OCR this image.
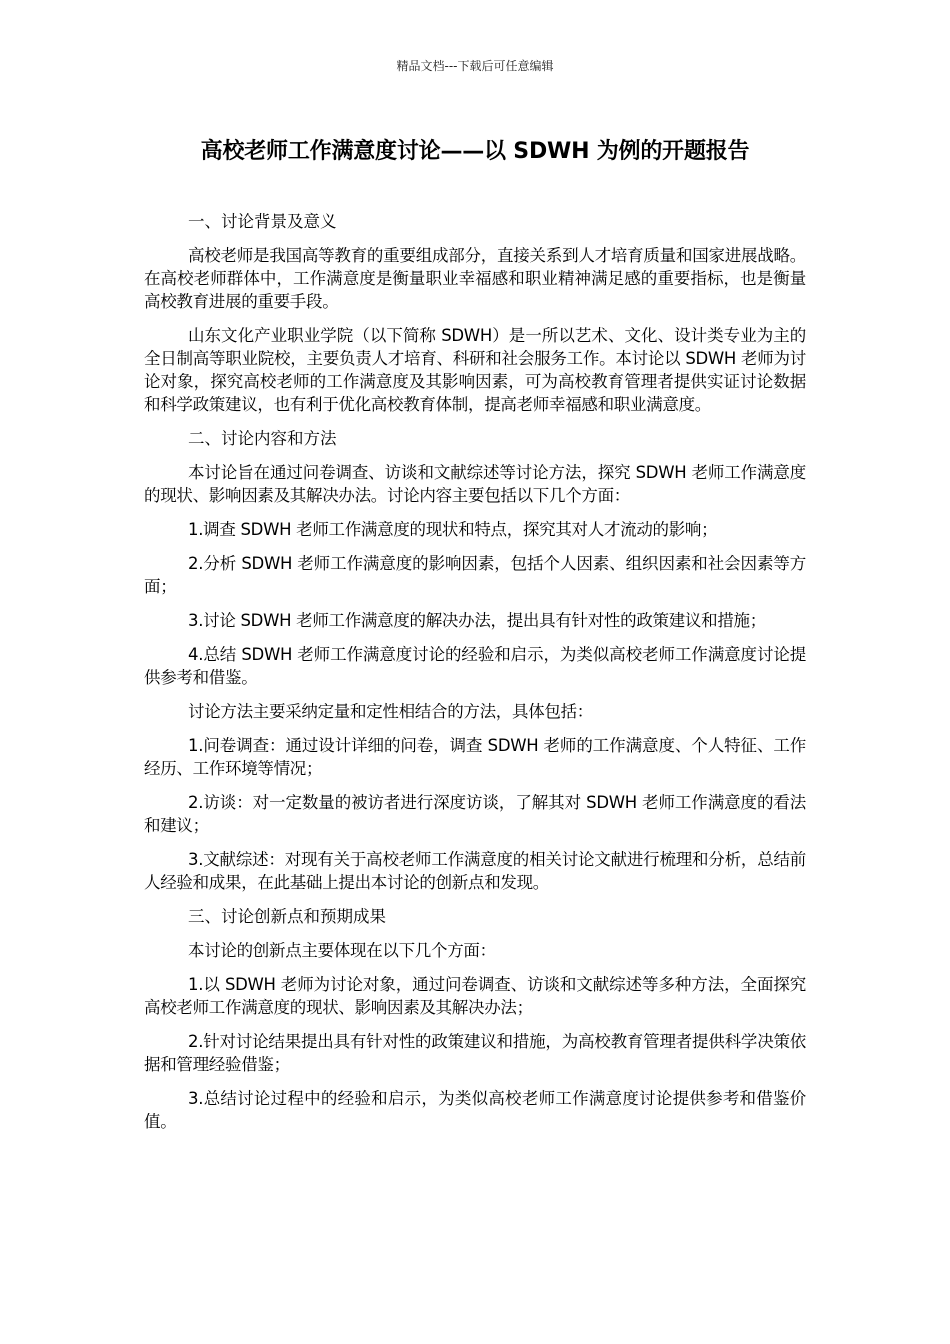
精品文档---下载后可任意编辑
高校老师工作满意度讨论——以 SDWH 为例的开题报告

一、讨论背景及意义

高校老师是我国高等教育的重要组成部分，直接关系到人才培育质量和国家进展战略。在高校老师群体中，工作满意度是衡量职业幸福感和职业精神满足感的重要指标，也是衡量高校教育进展的重要手段。

山东文化产业职业学院（以下简称 SDWH）是一所以艺术、文化、设计类专业为主的全日制高等职业院校，主要负责人才培育、科研和社会服务工作。本讨论以 SDWH 老师为讨论对象，探究高校老师的工作满意度及其影响因素，可为高校教育管理者提供实证讨论数据和科学政策建议，也有利于优化高校教育体制，提高老师幸福感和职业满意度。

二、讨论内容和方法

本讨论旨在通过问卷调查、访谈和文献综述等讨论方法，探究 SDWH 老师工作满意度的现状、影响因素及其解决办法。讨论内容主要包括以下几个方面：

1.调查 SDWH 老师工作满意度的现状和特点，探究其对人才流动的影响；

2.分析 SDWH 老师工作满意度的影响因素，包括个人因素、组织因素和社会因素等方面；

3.讨论 SDWH 老师工作满意度的解决办法，提出具有针对性的政策建议和措施；

4.总结 SDWH 老师工作满意度讨论的经验和启示，为类似高校老师工作满意度讨论提供参考和借鉴。

讨论方法主要采纳定量和定性相结合的方法，具体包括：

1.问卷调查：通过设计详细的问卷，调查 SDWH 老师的工作满意度、个人特征、工作经历、工作环境等情况；

2.访谈：对一定数量的被访者进行深度访谈，了解其对 SDWH 老师工作满意度的看法和建议；

3.文献综述：对现有关于高校老师工作满意度的相关讨论文献进行梳理和分析，总结前人经验和成果，在此基础上提出本讨论的创新点和发现。

三、讨论创新点和预期成果

本讨论的创新点主要体现在以下几个方面：

1.以 SDWH 老师为讨论对象，通过问卷调查、访谈和文献综述等多种方法，全面探究高校老师工作满意度的现状、影响因素及其解决办法；

2.针对讨论结果提出具有针对性的政策建议和措施，为高校教育管理者提供科学决策依据和管理经验借鉴；

3.总结讨论过程中的经验和启示，为类似高校老师工作满意度讨论提供参考和借鉴价值。
